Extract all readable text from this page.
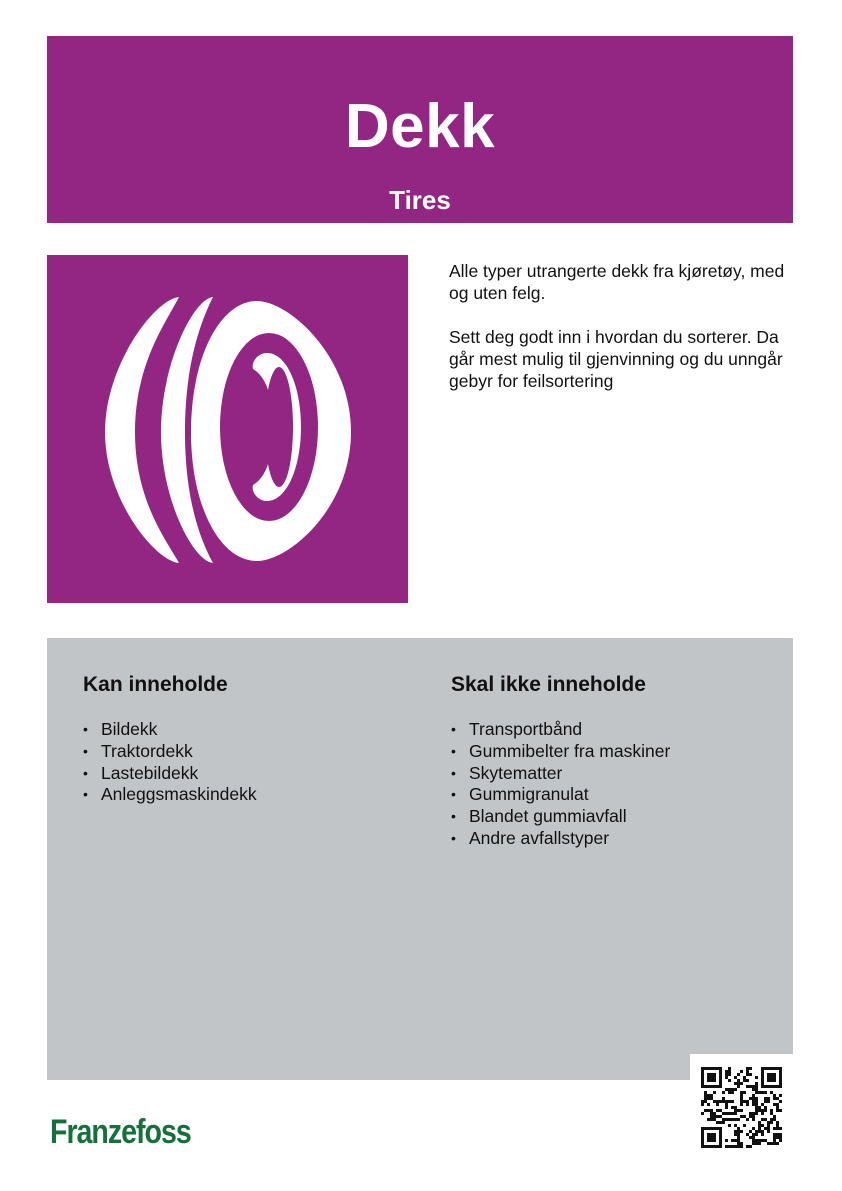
Dekk
Tires

Alle typer utrangerte dekk fra kjøretøy, med og uten felg.

Sett deg godt inn i hvordan du sorterer. Da går mest mulig til gjenvinning og du unngår gebyr for feilsortering

Kan inneholde
• Bildekk
• Traktordekk
• Lastebildekk
• Anleggsmaskindekk
Skal ikke inneholde
• Transportbånd
• Gummibelter fra maskiner
• Skytematter
• Gummigranulat
• Blandet gummiavfall
• Andre avfallstyper
Franzefoss
